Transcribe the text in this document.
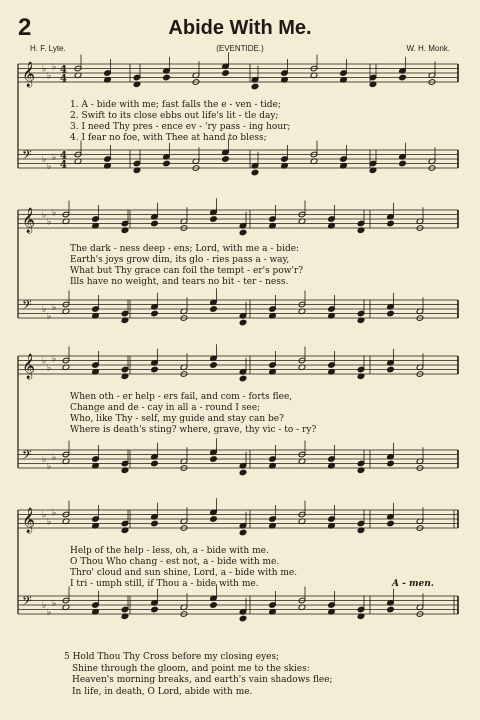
2	Abide With Me.
H. F. Lyte.	(EVENTIDE.)	W. H. Monk.
𝄞 ♭
♭
♭ 4
4
𝄢 ♭
♭
♭ 4
4
1. A - bide with me; fast falls the e - ven - tide;
2. Swift to its close ebbs out life's lit - tle day;
3. I need Thy pres - ence ev - 'ry pass - ing hour;
4. I fear no foe, with Thee at hand to bless;
𝄞 ♭
♭
♭
𝄢 ♭
♭
♭
The dark - ness deep - ens; Lord, with me a - bide:
Earth's joys grow dim, its glo - ries pass a - way,
What but Thy grace can foil the tempt - er's pow'r?
Ills have no weight, and tears no bit - ter - ness.
𝄞 ♭
♭
♭
𝄢 ♭
♭
♭
When oth - er help - ers fail, and com - forts flee,
Change and de - cay in all a - round I see;
Who, like Thy - self, my guide and stay can be?
Where is death's sting? where, grave, thy vic - to - ry?
𝄞 ♭
♭
♭
𝄢 ♭
♭
♭
Help of the help - less, oh, a - bide with me.
O Thou Who chang - est not, a - bide with me.
Thro' cloud and sun shine, Lord, a - bide with me.
I tri - umph still, if Thou a - bide with me.	A - men.
5 Hold Thou Thy Cross before my closing eyes;
Shine through the gloom, and point me to the skies:
Heaven's morning breaks, and earth's vain shadows flee;
In life, in death, O Lord, abide with me.
